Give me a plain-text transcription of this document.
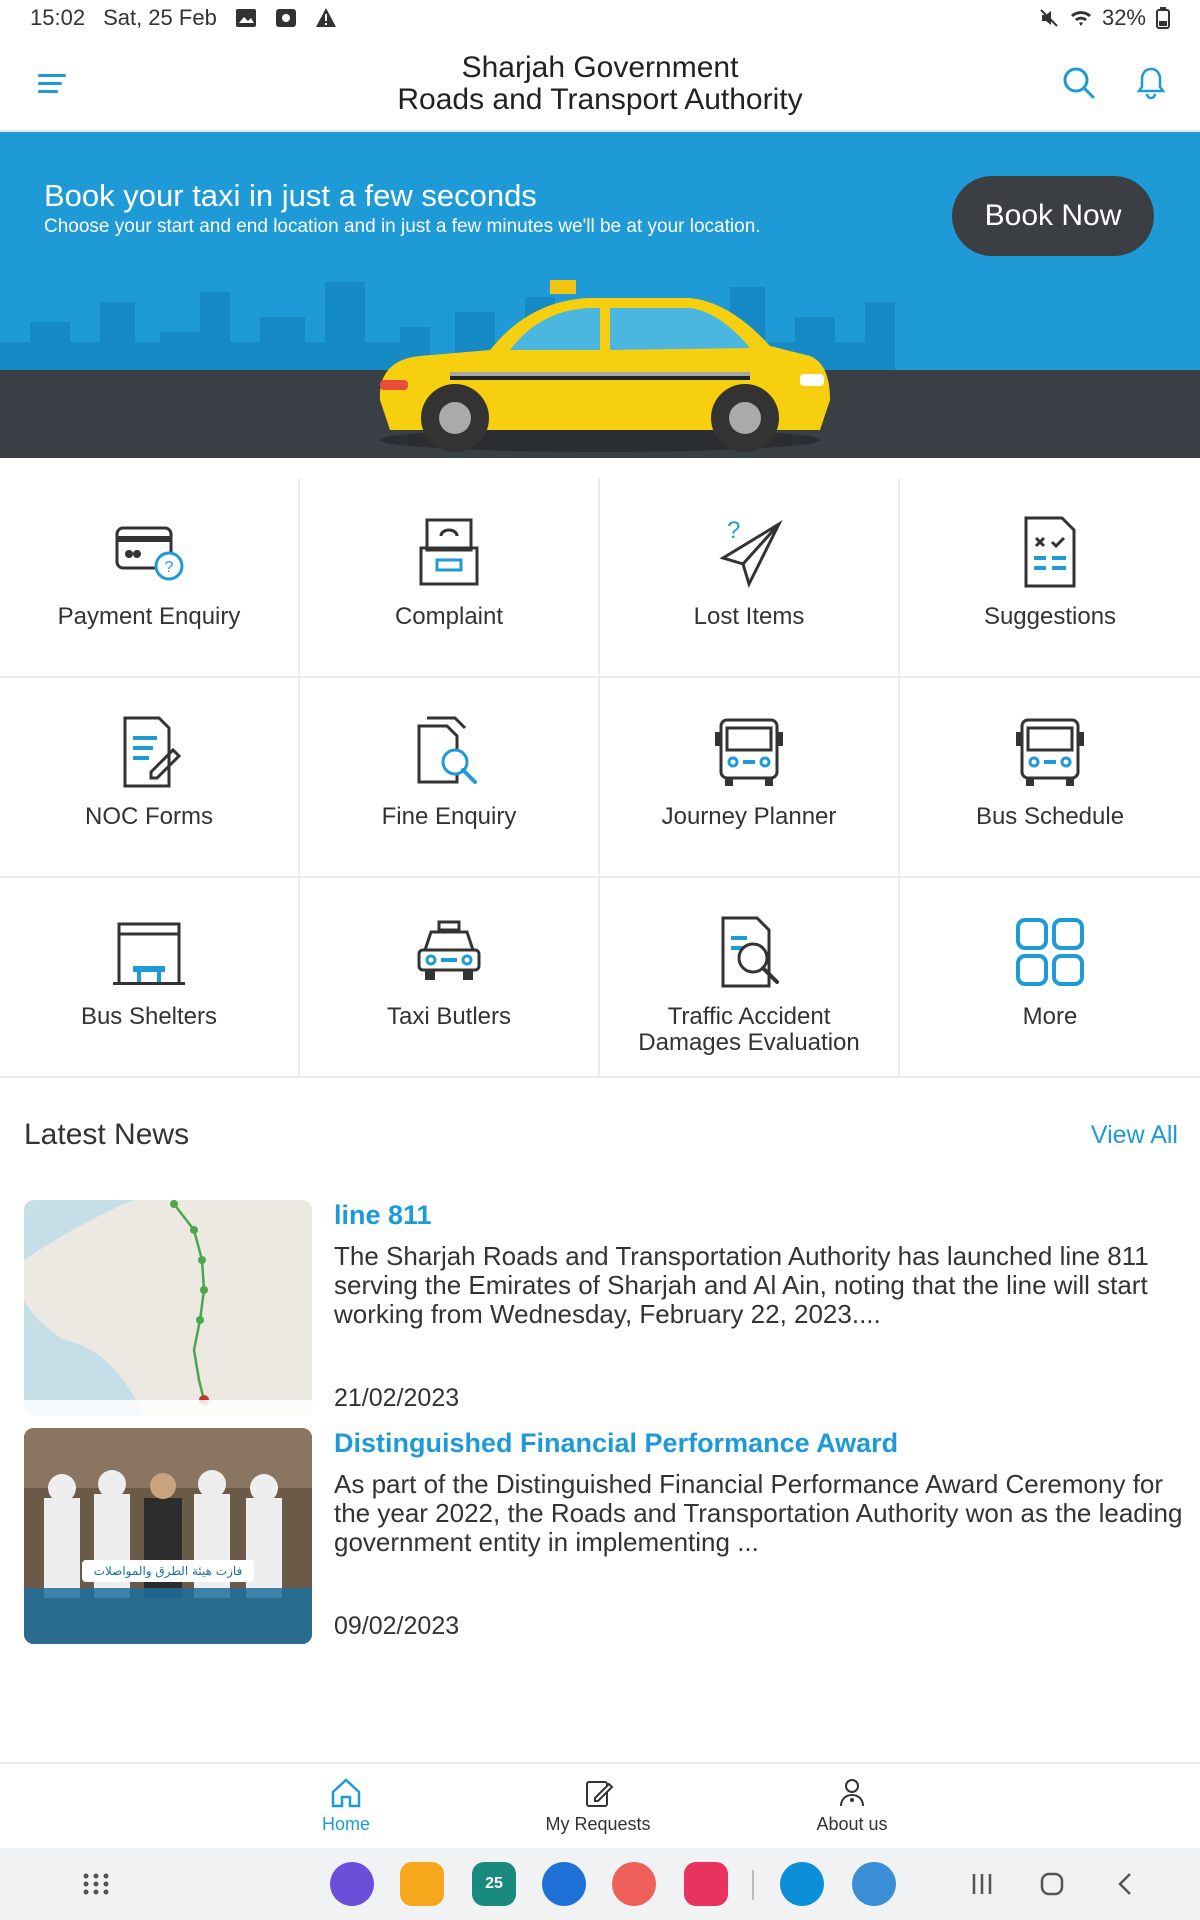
15:02 Sat, 25 Feb	32%
Sharjah Government
Roads and Transport Authority
Book your taxi in just a few seconds
Choose your start and end location and in just a few minutes we'll be at your location.	Book Now
?
Payment Enquiry	Complaint
?
Lost Items	Suggestions
NOC Forms	Fine Enquiry	Journey Planner	Bus Schedule
Bus Shelters	Taxi Butlers	Traffic Accident Damages Evaluation
More
Latest News	View All
line 811
The Sharjah Roads and Transportation Authority has launched line 811 serving the Emirates of Sharjah and Al Ain, noting that the line will start working from Wednesday, February 22, 2023....
21/02/2023
فازت هيئة الطرق والمواصلات
Distinguished Financial Performance Award
As part of the Distinguished Financial Performance Award Ceremony for the year 2022, the Roads and Transportation Authority won as the leading government entity in implementing ...
09/02/2023
Home	My Requests	About us
25
